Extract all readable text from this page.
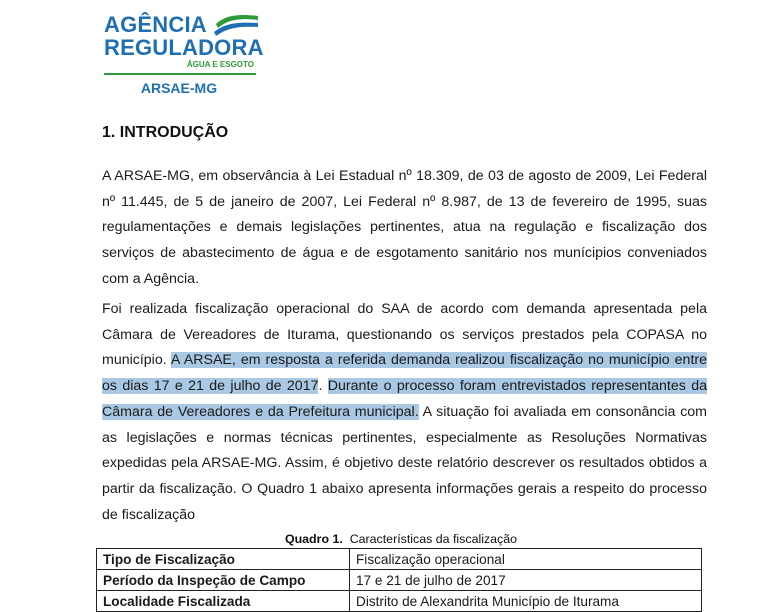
AGÊNCIA
REGULADORA
ÁGUA E ESGOTO
ARSAE-MG
1. INTRODUÇÃO
A ARSAE-MG, em observância à Lei Estadual nº 18.309, de 03 de agosto de 2009, Lei Federal nº 11.445, de 5 de janeiro de 2007, Lei Federal nº 8.987, de 13 de fevereiro de 1995, suas regulamentações e demais legislações pertinentes, atua na regulação e fiscalização dos serviços de abastecimento de água e de esgotamento sanitário nos munícipios conveniados com a Agência.
Foi realizada fiscalização operacional do SAA de acordo com demanda apresentada pela Câmara de Vereadores de Iturama, questionando os serviços prestados pela COPASA no município. A ARSAE, em resposta a referida demanda realizou fiscalização no município entre os dias 17 e 21 de julho de 2017. Durante o processo foram entrevistados representantes da Câmara de Vereadores e da Prefeitura municipal. A situação foi avaliada em consonância com as legislações e normas técnicas pertinentes, especialmente as Resoluções Normativas expedidas pela ARSAE-MG. Assim, é objetivo deste relatório descrever os resultados obtidos a partir da fiscalização. O Quadro 1 abaixo apresenta informações gerais a respeito do processo de fiscalização
Quadro 1. Características da fiscalização
Tipo de Fiscalização	Fiscalização operacional
Período da Inspeção de Campo	17 e 21 de julho de 2017
Localidade Fiscalizada	Distrito de Alexandrita Município de Iturama
